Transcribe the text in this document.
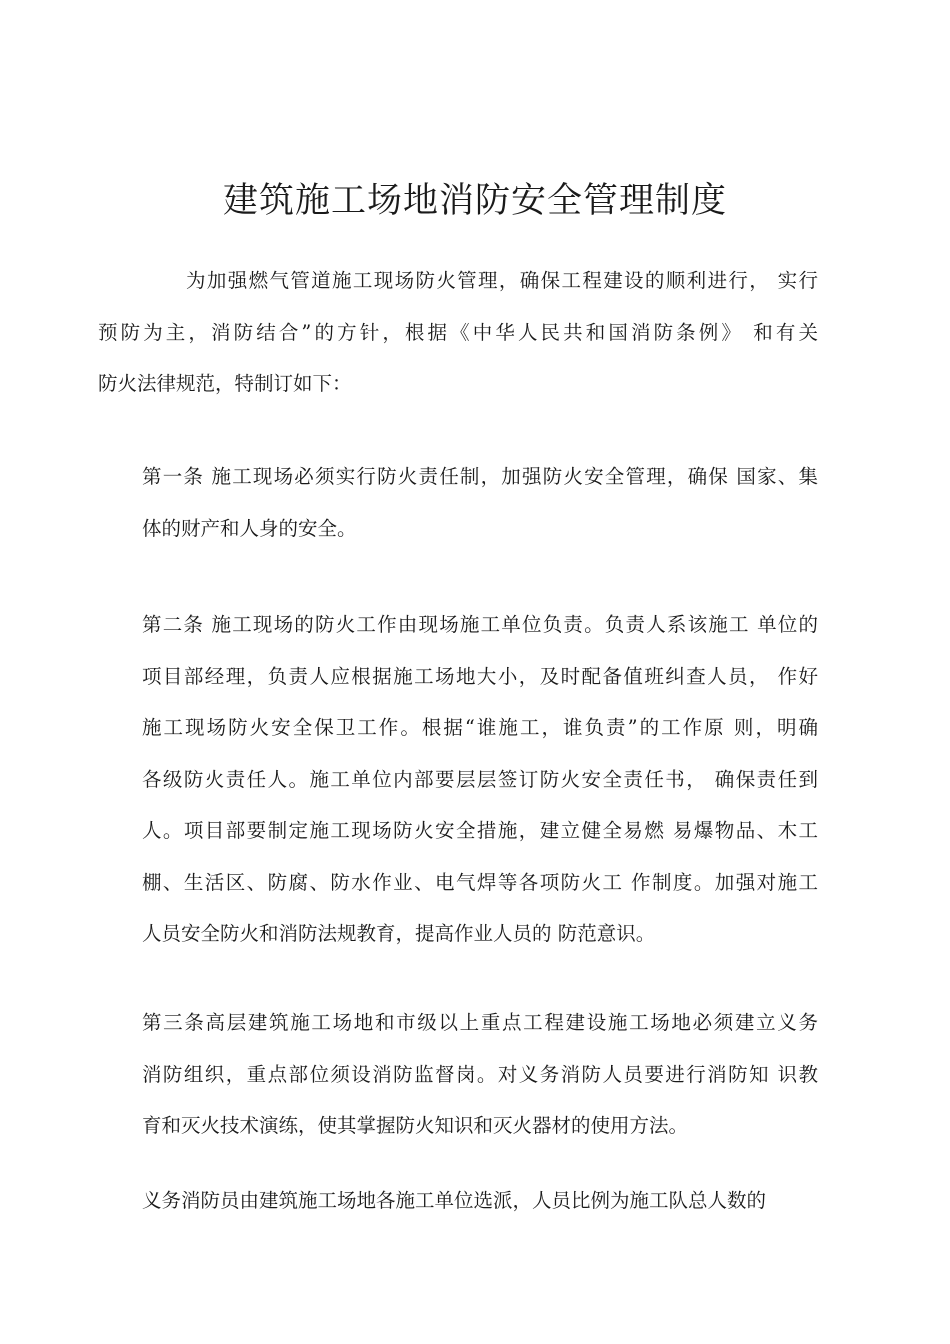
建筑施工场地消防安全管理制度

为加强燃气管道施工现场防火管理，确保工程建设的顺利进行， 实行
预防为主，消防结合”的方针，根据《中华人民共和国消防条例》 和有关
防火法律规范，特制订如下：

第一条 施工现场必须实行防火责任制，加强防火安全管理，确保 国家、集
体的财产和人身的安全。

第二条 施工现场的防火工作由现场施工单位负责。负责人系该施工 单位的
项目部经理，负责人应根据施工场地大小，及时配备值班纠查人员， 作好
施工现场防火安全保卫工作。根据“谁施工，谁负责”的工作原 则，明确
各级防火责任人。施工单位内部要层层签订防火安全责任书， 确保责任到
人。项目部要制定施工现场防火安全措施，建立健全易燃 易爆物品、木工
棚、生活区、防腐、防水作业、电气焊等各项防火工 作制度。加强对施工
人员安全防火和消防法规教育，提高作业人员的 防范意识。

第三条高层建筑施工场地和市级以上重点工程建设施工场地必须建立义务
消防组织，重点部位须设消防监督岗。对义务消防人员要进行消防知 识教
育和灭火技术演练，使其掌握防火知识和灭火器材的使用方法。

义务消防员由建筑施工场地各施工单位选派，人员比例为施工队总人数的
